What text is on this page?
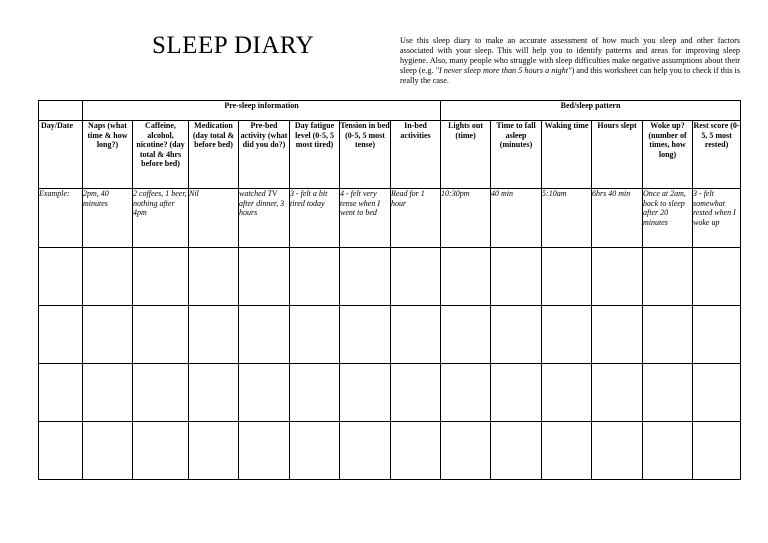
SLEEP DIARY	Use this sleep diary to make an accurate assessment of how much you sleep and other factors associated with your sleep. This will help you to identify patterns and areas for improving sleep hygiene. Also, many people who struggle with sleep difficulties make negative assumptions about their sleep (e.g. "I never sleep more than 5 hours a night") and this worksheet can help you to check if this is really the case.
	Pre-sleep information							Bed/sleep pattern					
Day/Date	Naps (what time & how long?)	Caffeine, alcohol, nicotine? (day total & 4hrs before bed)	Medication (day total & before bed)	Pre-bed activity (what did you do?)	Day fatigue level (0-5, 5 most tired)	Tension in bed (0-5, 5 most tense)	In-bed activities	Lights out (time)	Time to fall asleep (minutes)	Waking time	Hours slept	Woke up? (number of times, how long)	Rest score (0-5, 5 most rested)
Example:	2pm, 40 minutes	2 coffees, 1 beer, nothing after 4pm	Nil	watched TV after dinner, 3 hours	3 - felt a bit tired today	4 - felt very tense when I went to bed	Read for 1 hour	10:30pm	40 min	5:10am	6hrs 40 min	Once at 2am, back to sleep after 20 minutes	3 - felt somewhat rested when I woke up
